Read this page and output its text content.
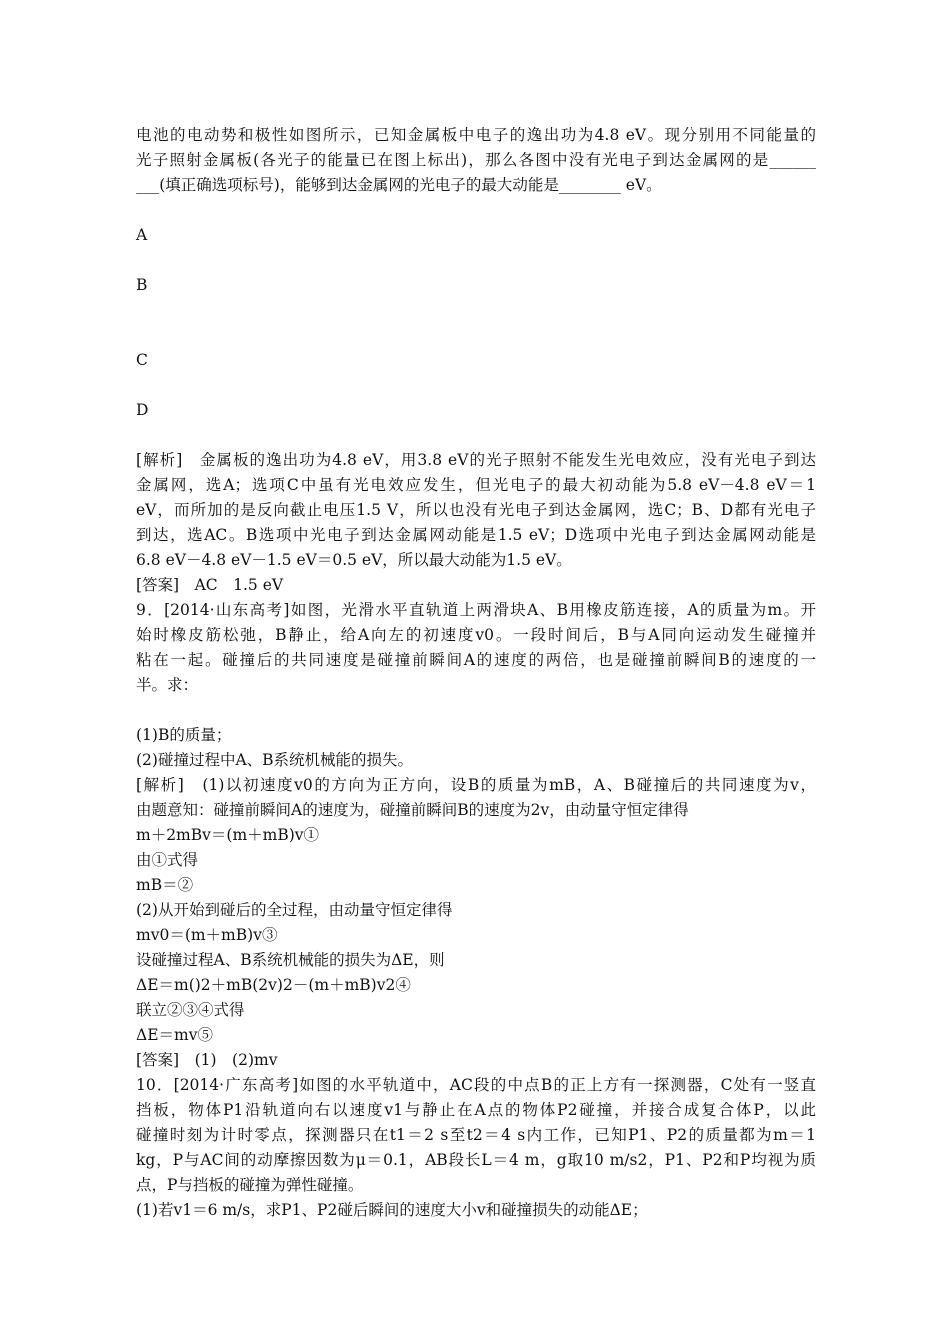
电池的电动势和极性如图所示，已知金属板中电子的逸出功为4.8 eV。现分别用不同能量的
光子照射金属板(各光子的能量已在图上标出)，那么各图中没有光电子到达金属网的是______
___(填正确选项标号)，能够到达金属网的光电子的最大动能是________ eV。
A
B
C
D
[解析]　金属板的逸出功为4.8 eV，用3.8 eV的光子照射不能发生光电效应，没有光电子到达
金属网，选A；选项C中虽有光电效应发生，但光电子的最大初动能为5.8 eV－4.8 eV＝1
eV，而所加的是反向截止电压1.5 V，所以也没有光电子到达金属网，选C；B、D都有光电子
到达，选AC。B选项中光电子到达金属网动能是1.5 eV；D选项中光电子到达金属网动能是
6.8 eV－4.8 eV－1.5 eV＝0.5 eV，所以最大动能为1.5 eV。
[答案]　AC　1.5 eV
9．[2014·山东高考]如图，光滑水平直轨道上两滑块A、B用橡皮筋连接，A的质量为m。开
始时橡皮筋松弛，B静止，给A向左的初速度v0。一段时间后，B与A同向运动发生碰撞并
粘在一起。碰撞后的共同速度是碰撞前瞬间A的速度的两倍，也是碰撞前瞬间B的速度的一
半。求：
(1)B的质量；
(2)碰撞过程中A、B系统机械能的损失。
[解析]　(1)以初速度v0的方向为正方向，设B的质量为mB，A、B碰撞后的共同速度为v，
由题意知：碰撞前瞬间A的速度为，碰撞前瞬间B的速度为2v，由动量守恒定律得
m＋2mBv＝(m＋mB)v①
由①式得
mB＝②
(2)从开始到碰后的全过程，由动量守恒定律得
mv0＝(m＋mB)v③
设碰撞过程A、B系统机械能的损失为ΔE，则
ΔE＝m()2＋mB(2v)2－(m＋mB)v2④
联立②③④式得
ΔE＝mv⑤
[答案]　(1)　(2)mv
10．[2014·广东高考]如图的水平轨道中，AC段的中点B的正上方有一探测器，C处有一竖直
挡板，物体P1沿轨道向右以速度v1与静止在A点的物体P2碰撞，并接合成复合体P，以此
碰撞时刻为计时零点，探测器只在t1＝2 s至t2＝4 s内工作，已知P1、P2的质量都为m＝1
kg，P与AC间的动摩擦因数为μ＝0.1，AB段长L＝4 m，g取10 m/s2，P1、P2和P均视为质
点，P与挡板的碰撞为弹性碰撞。
(1)若v1＝6 m/s，求P1、P2碰后瞬间的速度大小v和碰撞损失的动能ΔE；
